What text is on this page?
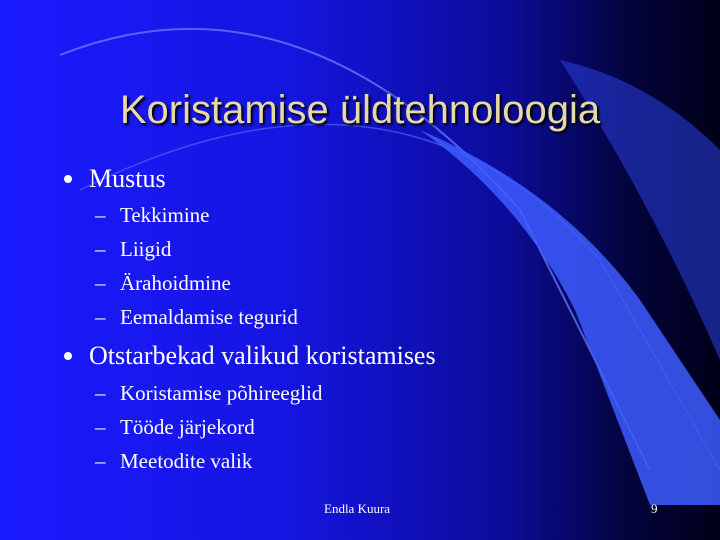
Koristamise üldtehnoloogia
Mustus
– Tekkimine
– Liigid
– Ärahoidmine
– Eemaldamise tegurid
Otstarbekad valikud koristamises
– Koristamise põhireeglid
– Tööde järjekord
– Meetodite valik
Endla Kuura	9
